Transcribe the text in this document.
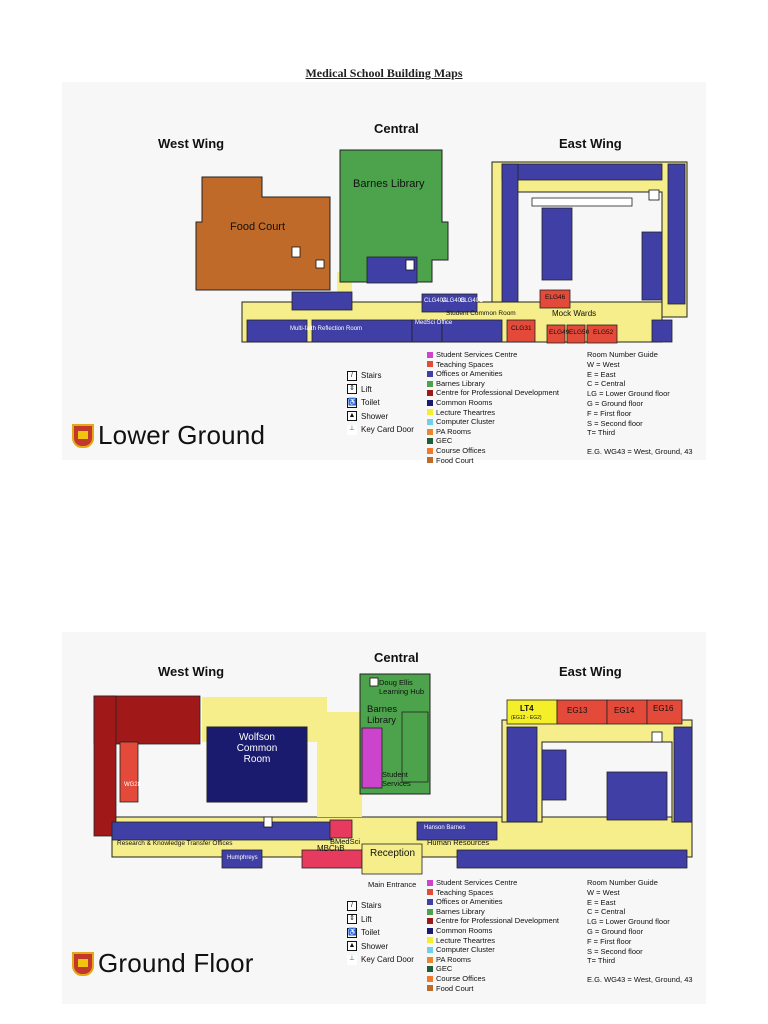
Medical School Building Maps
West Wing
Central
East Wing
Food Court
Barnes Library
Mock Wards
Student Common Room
MedSci Office
Multi-faith Reflection Room
CLG40A
CLG40B
CLG40C
CLG31
ELG46
ELG49 ELG50 ELG52
/	Stairs
⇕ Lift
♿ Toilet
▲ Shower
⟂ Key Card Door
Student Services Centre
Teaching Spaces
Offices or Amenities
Barnes Library
Centre for Professional Development
Common Rooms
Lecture Theartres
Computer Cluster
PA Rooms
GEC
Course Offices
Food Court
Room Number Guide
W = West
E = East
C = Central
LG = Lower Ground floor
G = Ground floor
F = First floor
S = Second floor
T= Third
E.G. WG43 = West, Ground, 43
Lower Ground
West Wing
Central
East Wing
Doug Ellis Learning Hub
Barnes Library
Wolfson Common Room
Student Services
LT4
(EG12 - EG2)
EG13	EG14 EG16
WG28
Research & Knowledge Transfer Offices	Human Resources
BMedSci
MBChB	Reception
Main Entrance
Humphreys
Hanson Barnes
/	Stairs
⇕ Lift
♿ Toilet
▲ Shower
⟂ Key Card Door
Student Services Centre
Teaching Spaces
Offices or Amenities
Barnes Library
Centre for Professional Development
Common Rooms
Lecture Theartres
Computer Cluster
PA Rooms
GEC
Course Offices
Food Court
Room Number Guide
W = West
E = East
C = Central
LG = Lower Ground floor
G = Ground floor
F = First floor
S = Second floor
T= Third
E.G. WG43 = West, Ground, 43
Ground Floor
